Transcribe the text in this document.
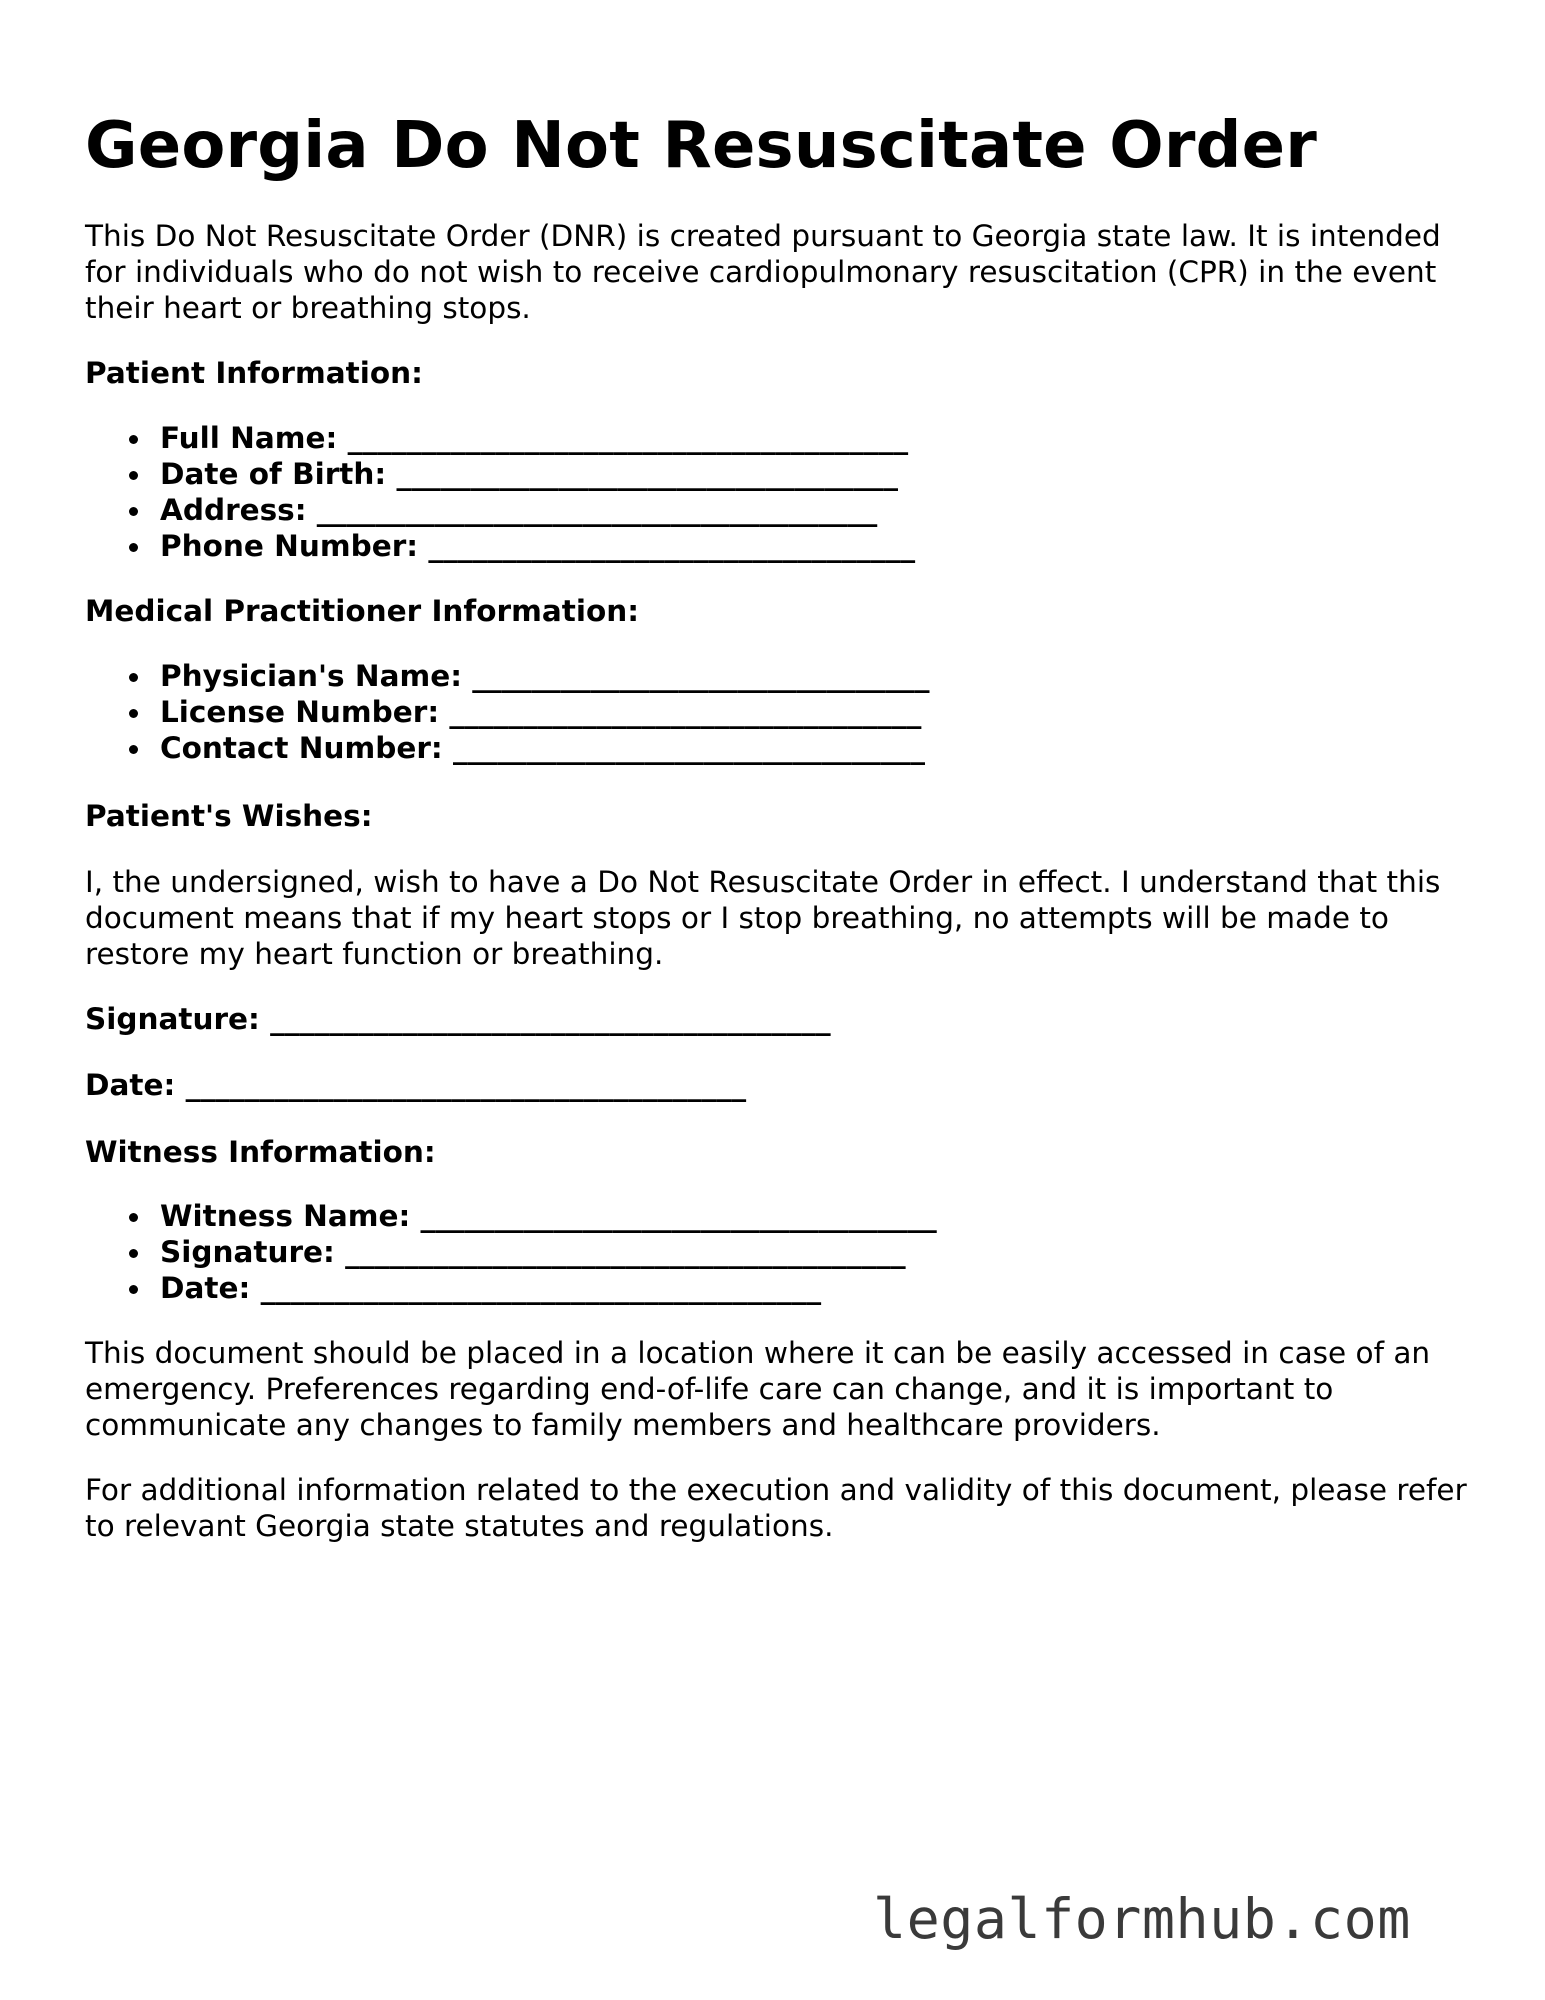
Georgia Do Not Resuscitate Order

This Do Not Resuscitate Order (DNR) is created pursuant to Georgia state law. It is intended for individuals who do not wish to receive cardiopulmonary resuscitation (CPR) in the event their heart or breathing stops.

Patient Information:

Full Name: ______________________________________
Date of Birth: __________________________________
Address: ______________________________________
Phone Number: _________________________________

Medical Practitioner Information:

Physician's Name: _______________________________
License Number: ________________________________
Contact Number: ________________________________

Patient's Wishes:

I, the undersigned, wish to have a Do Not Resuscitate Order in effect. I understand that this document means that if my heart stops or I stop breathing, no attempts will be made to restore my heart function or breathing.

Signature: ______________________________________

Date: ______________________________________

Witness Information:

Witness Name: ___________________________________
Signature: ______________________________________
Date: ______________________________________

This document should be placed in a location where it can be easily accessed in case of an emergency. Preferences regarding end-of-life care can change, and it is important to communicate any changes to family members and healthcare providers.

For additional information related to the execution and validity of this document, please refer to relevant Georgia state statutes and regulations.

legalformhub.com
